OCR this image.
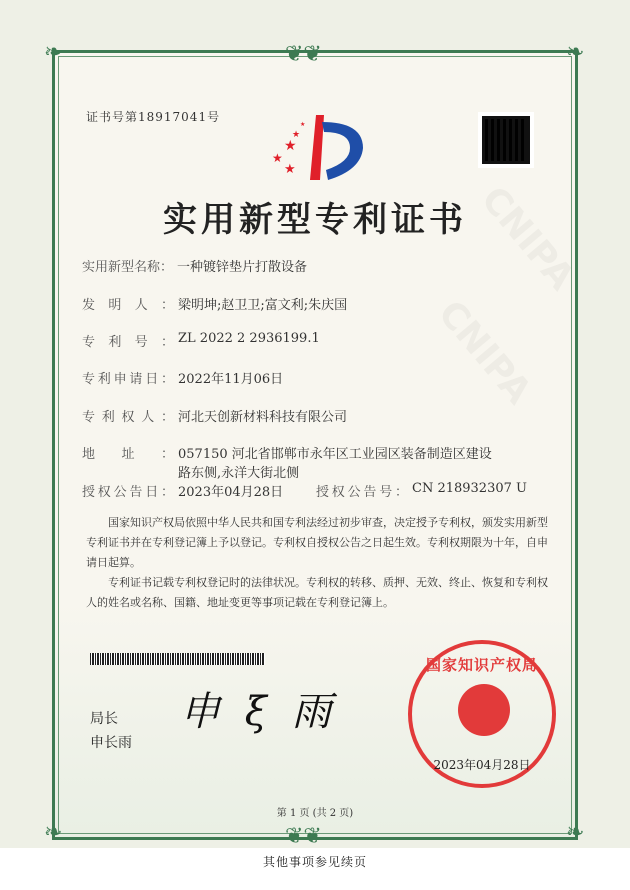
❦❦
❦❦
❧	❧
❧	❧
证书号第18917041号
★
★
★
★
★
实用新型专利证书
实用新型名称： 一种镀锌垫片打散设备
发明人： 梁明坤;赵卫卫;富文利;朱庆国
专利号： ZL 2022 2 2936199.1
专利申请日： 2022年11月06日
专利权人： 河北天创新材料科技有限公司
地址： 057150 河北省邯郸市永年区工业园区装备制造区建设
路东侧,永洋大街北侧
授权公告日： 2023年04月28日	授权公告号： CN 218932307 U
国家知识产权局依照中华人民共和国专利法经过初步审查，决定授予专利权，颁发实用新型专利证书并在专利登记簿上予以登记。专利权自授权公告之日起生效。专利权期限为十年，自申请日起算。
专利证书记载专利权登记时的法律状况。专利权的转移、质押、无效、终止、恢复和专利权人的姓名或名称、国籍、地址变更等事项记载在专利登记簿上。
局长
申长雨
申 ξ 雨
国家知识产权局
2023年04月28日
第 1 页 (共 2 页)
其他事项参见续页
